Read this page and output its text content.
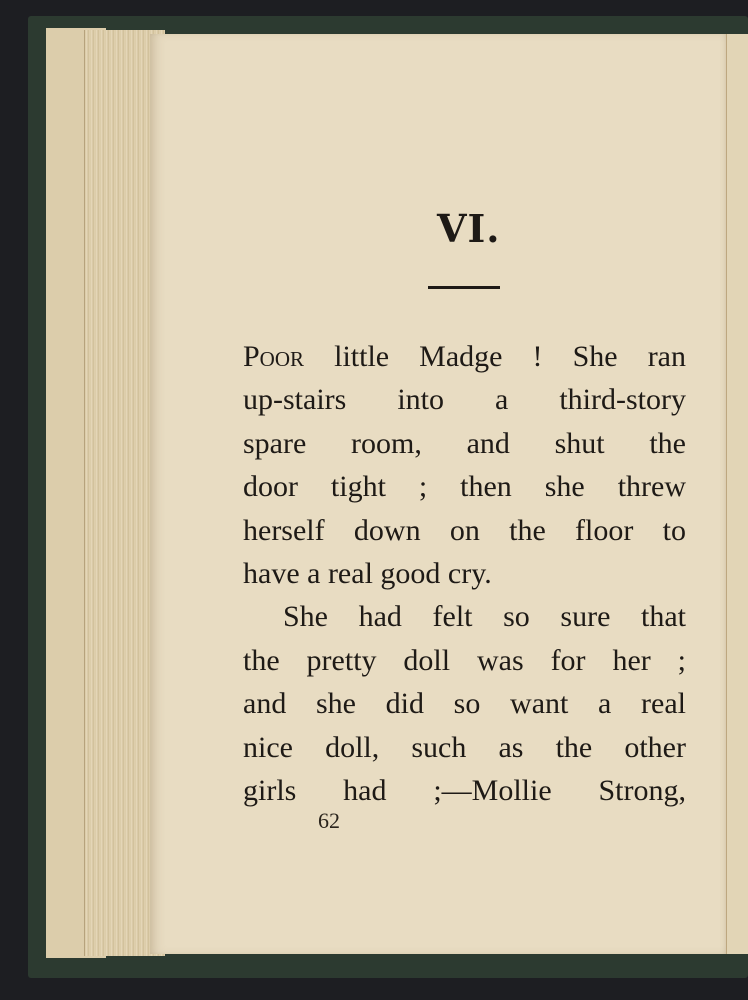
VI.
Poor little Madge ! She ran
up-stairs into a third-story
spare room, and shut the
door tight ; then she threw
herself down on the floor to
have a real good cry.
She had felt so sure that
the pretty doll was for her ;
and she did so want a real
nice doll, such as the other
girls had ;—Mollie Strong,
62
